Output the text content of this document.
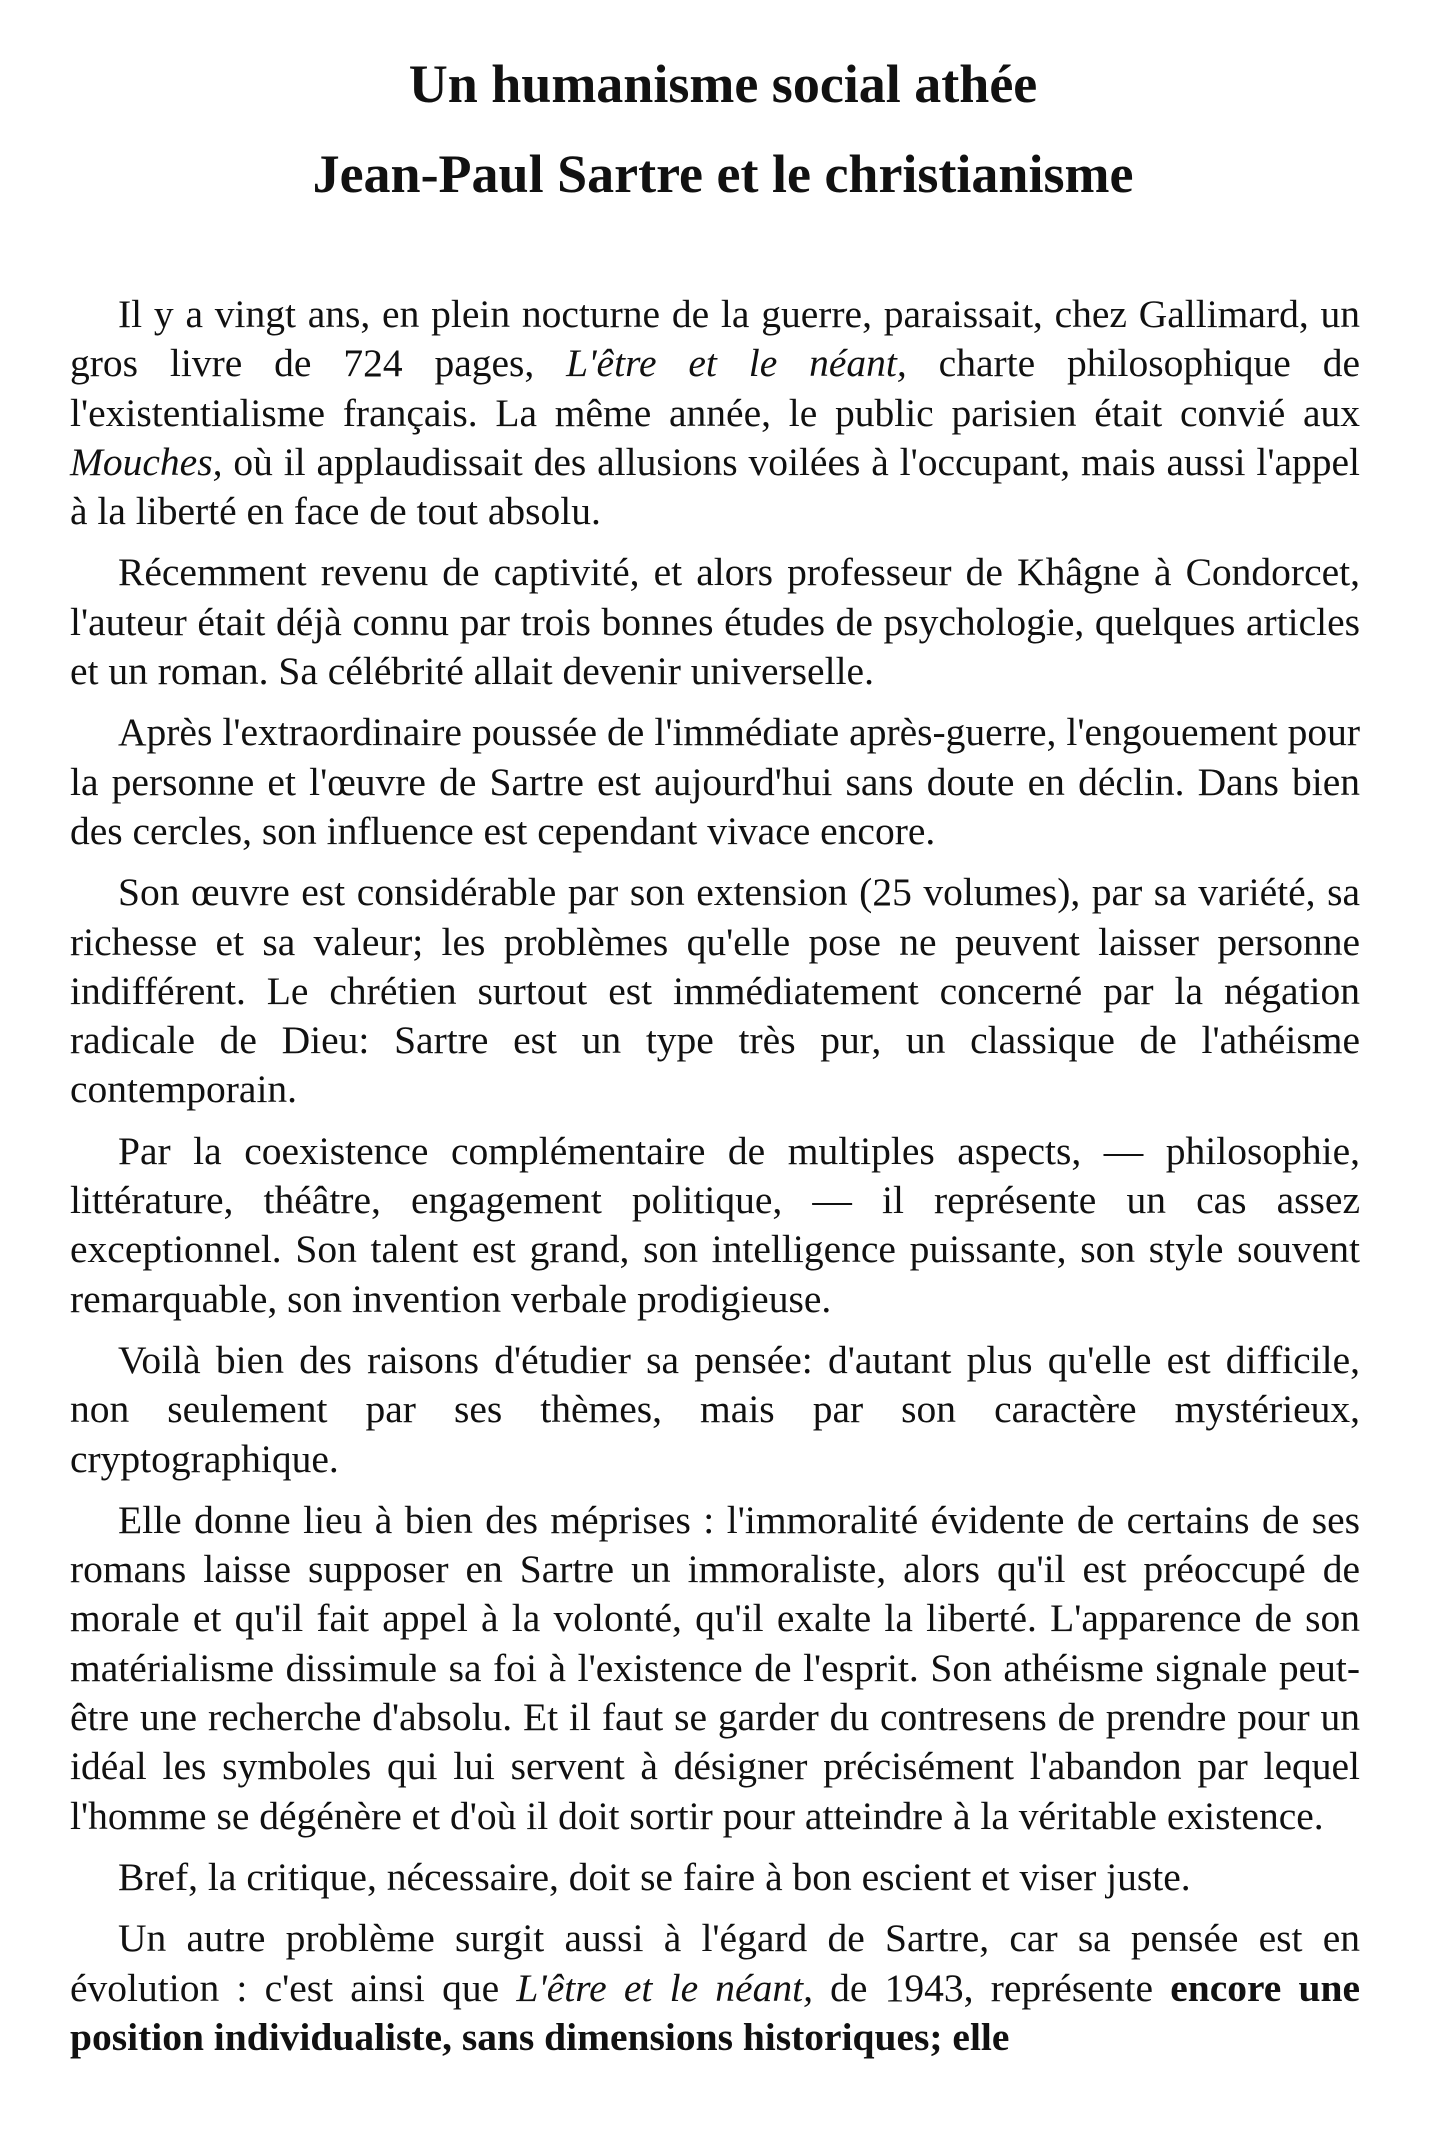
Un humanisme social athée
Jean-Paul Sartre et le christianisme

Il y a vingt ans, en plein nocturne de la guerre, paraissait, chez Gallimard, un gros livre de 724 pages, L'être et le néant, charte philosophique de l'existentialisme français. La même année, le public parisien était convié aux Mouches, où il applaudissait des allusions voilées à l'occupant, mais aussi l'appel à la liberté en face de tout absolu.

Récemment revenu de captivité, et alors professeur de Khâgne à Condorcet, l'auteur était déjà connu par trois bonnes études de psychologie, quelques articles et un roman. Sa célébrité allait devenir universelle.

Après l'extraordinaire poussée de l'immédiate après-guerre, l'engouement pour la personne et l'œuvre de Sartre est aujourd'hui sans doute en déclin. Dans bien des cercles, son influence est cependant vivace encore.

Son œuvre est considérable par son extension (25 volumes), par sa variété, sa richesse et sa valeur; les problèmes qu'elle pose ne peuvent laisser personne indifférent. Le chrétien surtout est immédiatement concerné par la négation radicale de Dieu: Sartre est un type très pur, un classique de l'athéisme contemporain.

Par la coexistence complémentaire de multiples aspects, — philosophie, littérature, théâtre, engagement politique, — il représente un cas assez exceptionnel. Son talent est grand, son intelligence puissante, son style souvent remarquable, son invention verbale prodigieuse.

Voilà bien des raisons d'étudier sa pensée: d'autant plus qu'elle est difficile, non seulement par ses thèmes, mais par son caractère mystérieux, cryptographique.

Elle donne lieu à bien des méprises : l'immoralité évidente de certains de ses romans laisse supposer en Sartre un immoraliste, alors qu'il est préoccupé de morale et qu'il fait appel à la volonté, qu'il exalte la liberté. L'apparence de son matérialisme dissimule sa foi à l'existence de l'esprit. Son athéisme signale peut-être une recherche d'absolu. Et il faut se garder du contresens de prendre pour un idéal les symboles qui lui servent à désigner précisément l'abandon par lequel l'homme se dégénère et d'où il doit sortir pour atteindre à la véritable existence.

Bref, la critique, nécessaire, doit se faire à bon escient et viser juste.

Un autre problème surgit aussi à l'égard de Sartre, car sa pensée est en évolution : c'est ainsi que L'être et le néant, de 1943, représente encore une position individualiste, sans dimensions historiques; elle
